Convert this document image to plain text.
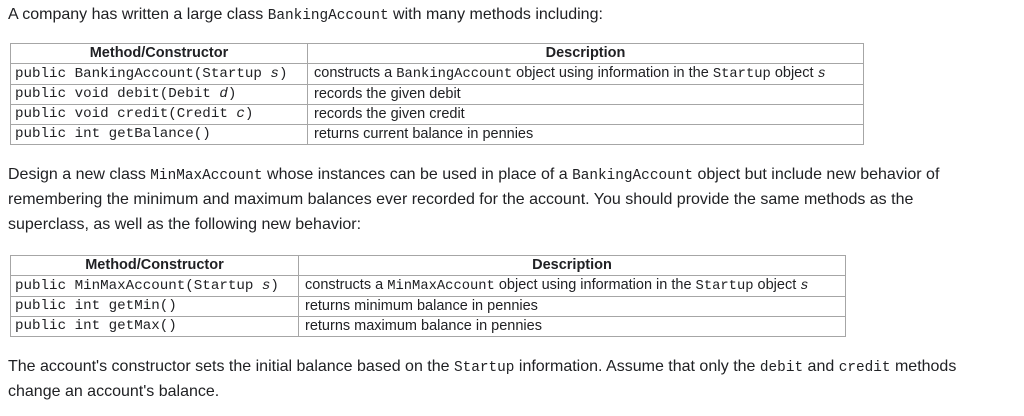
A company has written a large class BankingAccount with many methods including:

Method/Constructor	Description
public BankingAccount(Startup s)	constructs a BankingAccount object using information in the Startup object s
public void debit(Debit d)	records the given debit
public void credit(Credit c)	records the given credit
public int getBalance()	returns current balance in pennies

Design a new class MinMaxAccount whose instances can be used in place of a BankingAccount object but include new behavior of

remembering the minimum and maximum balances ever recorded for the account. You should provide the same methods as the

superclass, as well as the following new behavior:

Method/Constructor	Description
public MinMaxAccount(Startup s)	constructs a MinMaxAccount object using information in the Startup object s
public int getMin()	returns minimum balance in pennies
public int getMax()	returns maximum balance in pennies

The account's constructor sets the initial balance based on the Startup information. Assume that only the debit and credit methods

change an account's balance.
